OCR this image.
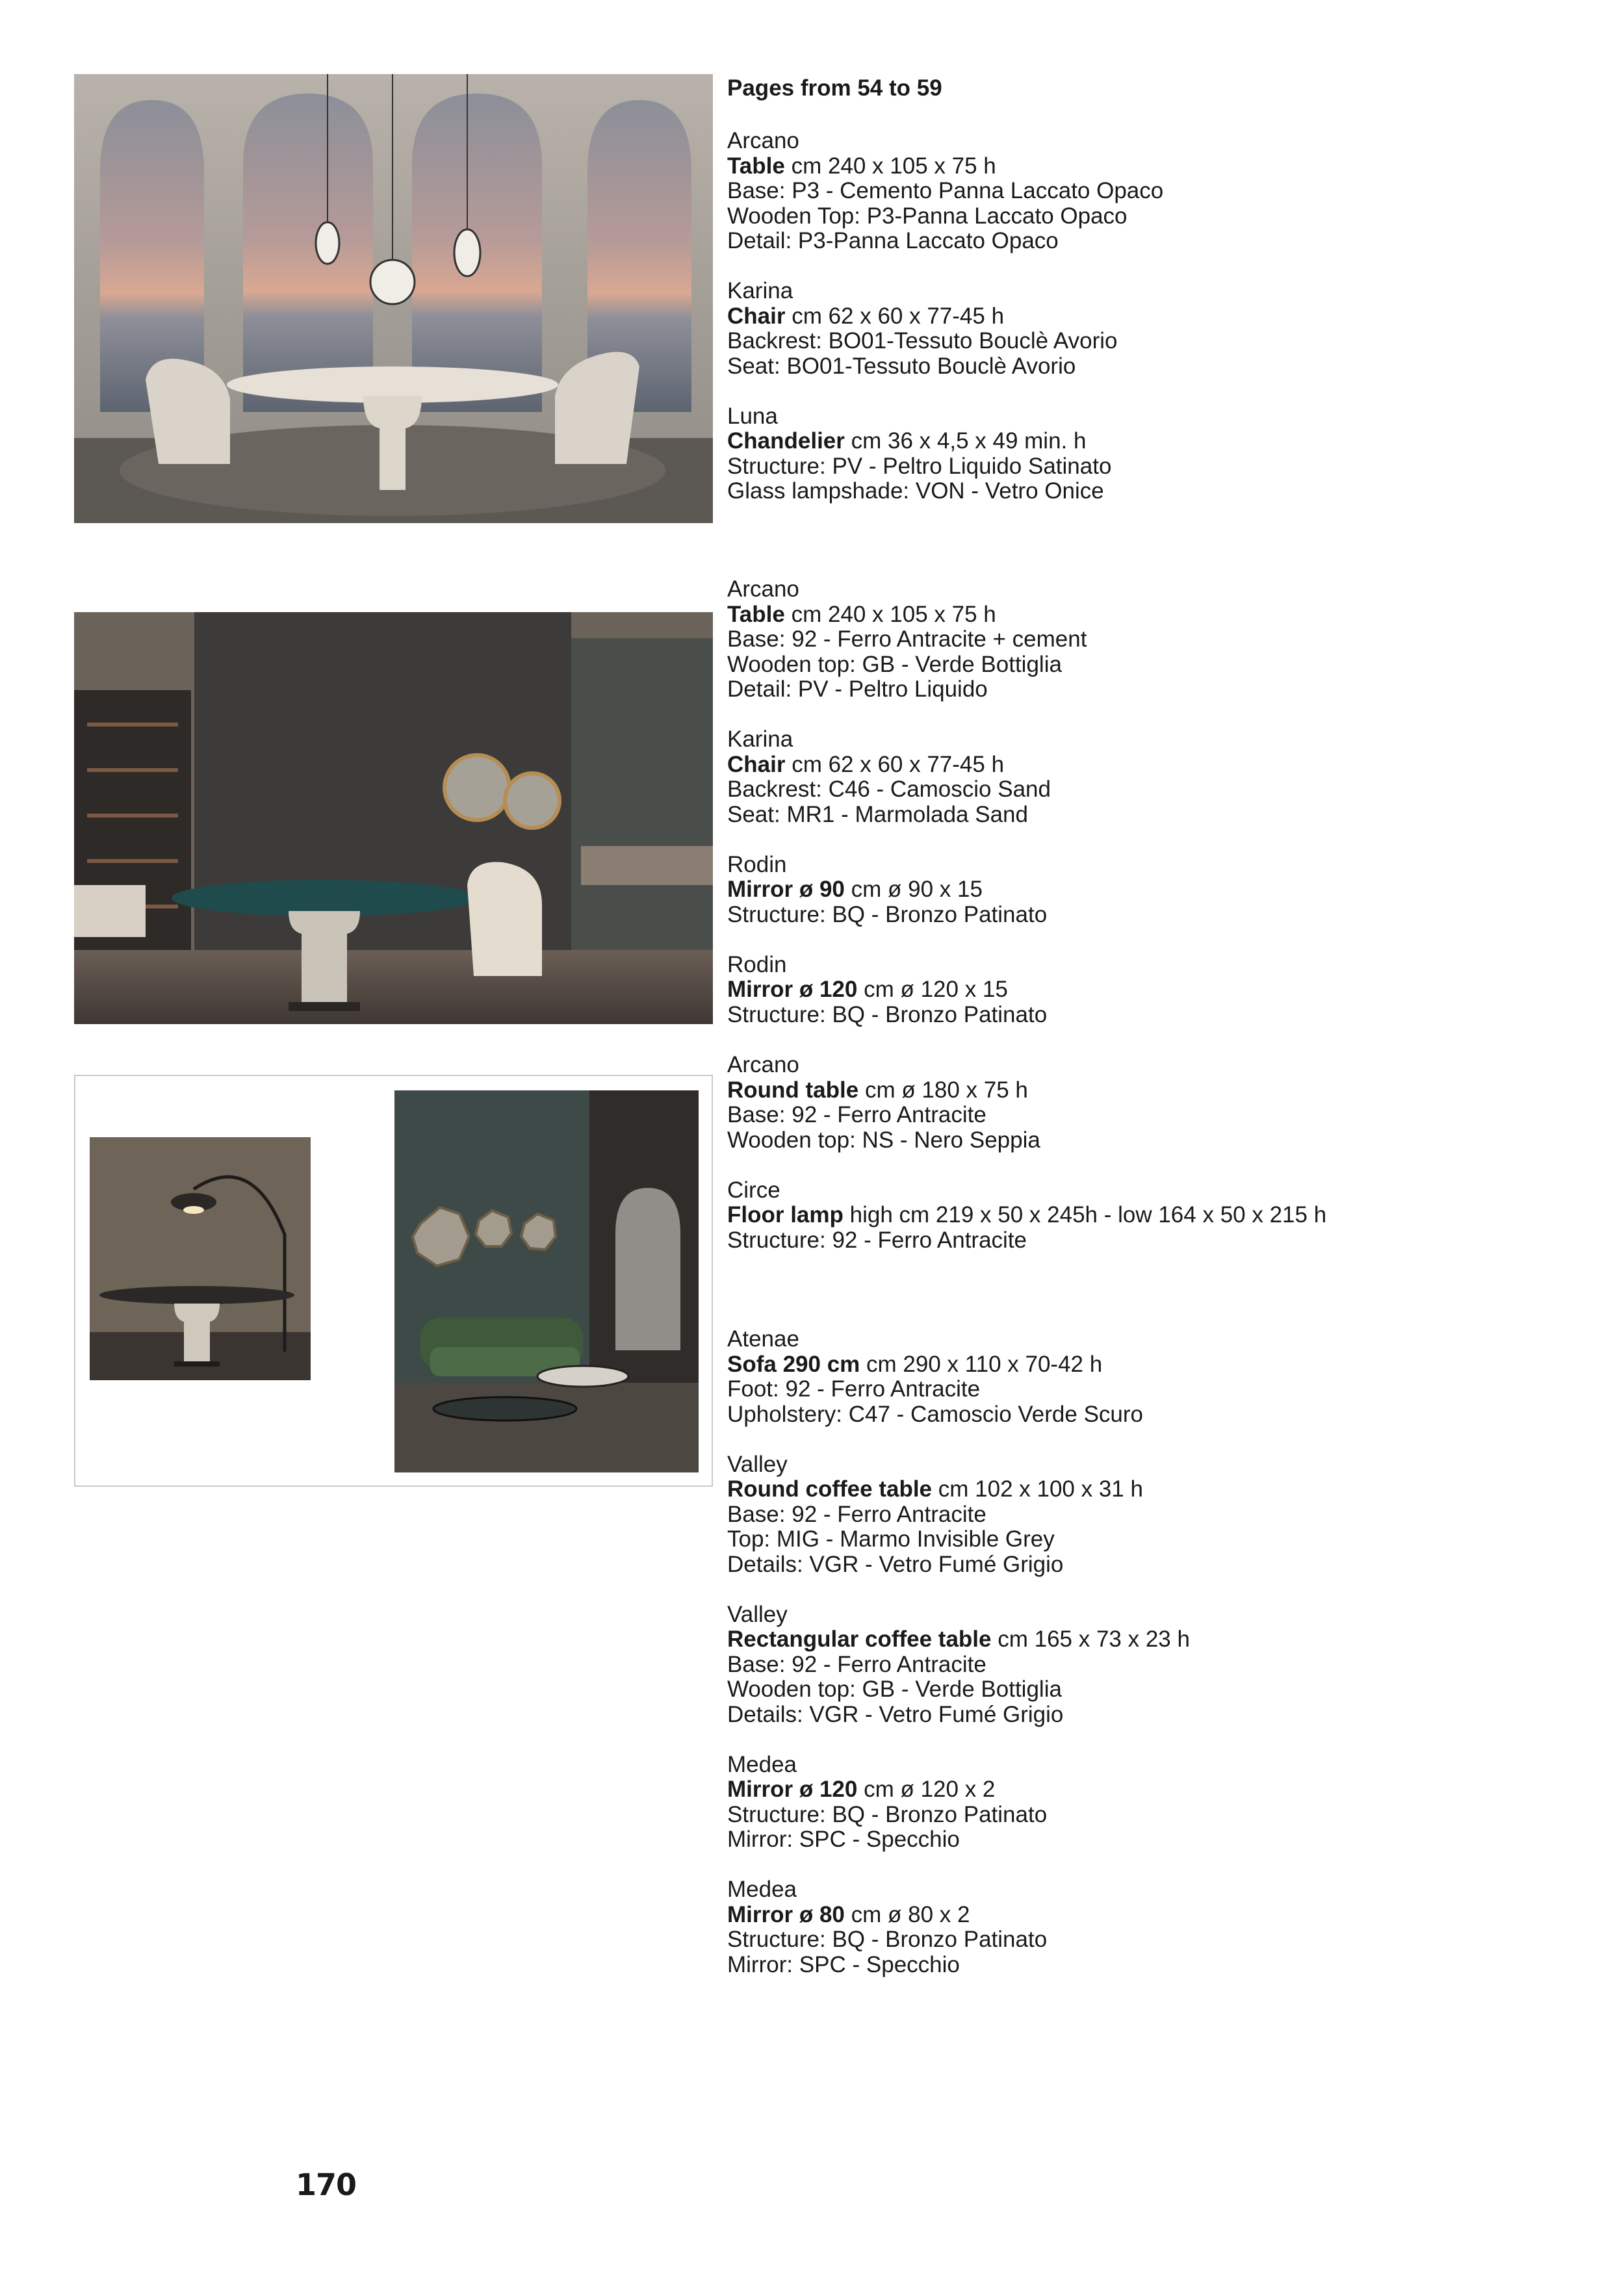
Pages from 54 to 59

Arcano

Table cm 240 x 105 x 75 h

Base: P3 - Cemento Panna Laccato Opaco

Wooden Top: P3-Panna Laccato Opaco

Detail: P3-Panna Laccato Opaco

Karina

Chair cm 62 x 60 x 77-45 h

Backrest: BO01-Tessuto Bouclè Avorio

Seat: BO01-Tessuto Bouclè Avorio

Luna

Chandelier cm 36 x 4,5 x 49 min. h

Structure: PV - Peltro Liquido Satinato

Glass lampshade: VON - Vetro Onice

Arcano

Table cm 240 x 105 x 75 h

Base: 92 - Ferro Antracite + cement

Wooden top: GB - Verde Bottiglia

Detail: PV - Peltro Liquido

Karina

Chair cm 62 x 60 x 77-45 h

Backrest: C46 - Camoscio Sand

Seat: MR1 - Marmolada Sand

Rodin

Mirror ø 90 cm ø 90 x 15

Structure: BQ - Bronzo Patinato

Rodin

Mirror ø 120 cm ø 120 x 15

Structure: BQ - Bronzo Patinato

Arcano

Round table cm ø 180 x 75 h

Base: 92 - Ferro Antracite

Wooden top: NS - Nero Seppia

Circe

Floor lamp high cm 219 x 50 x 245h - low 164 x 50 x 215 h

Structure: 92 - Ferro Antracite

Atenae

Sofa 290 cm cm 290 x 110 x 70-42 h

Foot: 92 - Ferro Antracite

Upholstery: C47 - Camoscio Verde Scuro

Valley

Round coffee table cm 102 x 100 x 31 h

Base: 92 - Ferro Antracite

Top: MIG - Marmo Invisible Grey

Details: VGR - Vetro Fumé Grigio

Valley

Rectangular coffee table cm 165 x 73 x 23 h

Base: 92 - Ferro Antracite

Wooden top: GB - Verde Bottiglia

Details: VGR - Vetro Fumé Grigio

Medea

Mirror ø 120 cm ø 120 x 2

Structure: BQ - Bronzo Patinato

Mirror: SPC - Specchio

Medea

Mirror ø 80 cm ø 80 x 2

Structure: BQ - Bronzo Patinato

Mirror: SPC - Specchio

170
